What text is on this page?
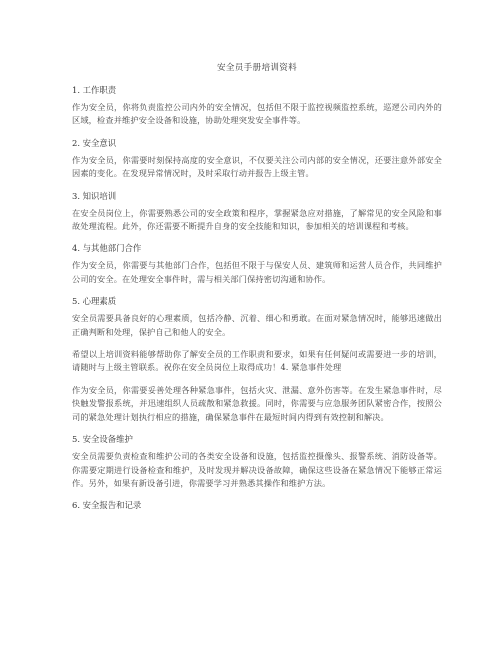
安全员手册培训资料
1. 工作职责
作为安全员，你将负责监控公司内外的安全情况，包括但不限于监控视频监控系统，巡逻公司内外的区域，检查并维护安全设备和设施，协助处理突发安全事件等。
2. 安全意识
作为安全员，你需要时刻保持高度的安全意识，不仅要关注公司内部的安全情况，还要注意外部安全因素的变化。在发现异常情况时，及时采取行动并报告上级主管。
3. 知识培训
在安全员岗位上，你需要熟悉公司的安全政策和程序，掌握紧急应对措施，了解常见的安全风险和事故处理流程。此外，你还需要不断提升自身的安全技能和知识，参加相关的培训课程和考核。
4. 与其他部门合作
作为安全员，你需要与其他部门合作，包括但不限于与保安人员、建筑师和运营人员合作，共同维护公司的安全。在处理安全事件时，需与相关部门保持密切沟通和协作。
5. 心理素质
安全员需要具备良好的心理素质，包括冷静、沉着、细心和勇敢。在面对紧急情况时，能够迅速做出正确判断和处理，保护自己和他人的安全。
希望以上培训资料能够帮助你了解安全员的工作职责和要求，如果有任何疑问或需要进一步的培训，请随时与上级主管联系。祝你在安全员岗位上取得成功！4. 紧急事件处理
作为安全员，你需要妥善处理各种紧急事件，包括火灾、泄漏、意外伤害等。在发生紧急事件时，尽快触发警报系统，并迅速组织人员疏散和紧急救援。同时，你需要与应急服务团队紧密合作，按照公司的紧急处理计划执行相应的措施，确保紧急事件在最短时间内得到有效控制和解决。
5. 安全设备维护
安全员需要负责检查和维护公司的各类安全设备和设施，包括监控摄像头、报警系统、消防设备等。你需要定期进行设备检查和维护，及时发现并解决设备故障，确保这些设备在紧急情况下能够正常运作。另外，如果有新设备引进，你需要学习并熟悉其操作和维护方法。
6. 安全报告和记录
